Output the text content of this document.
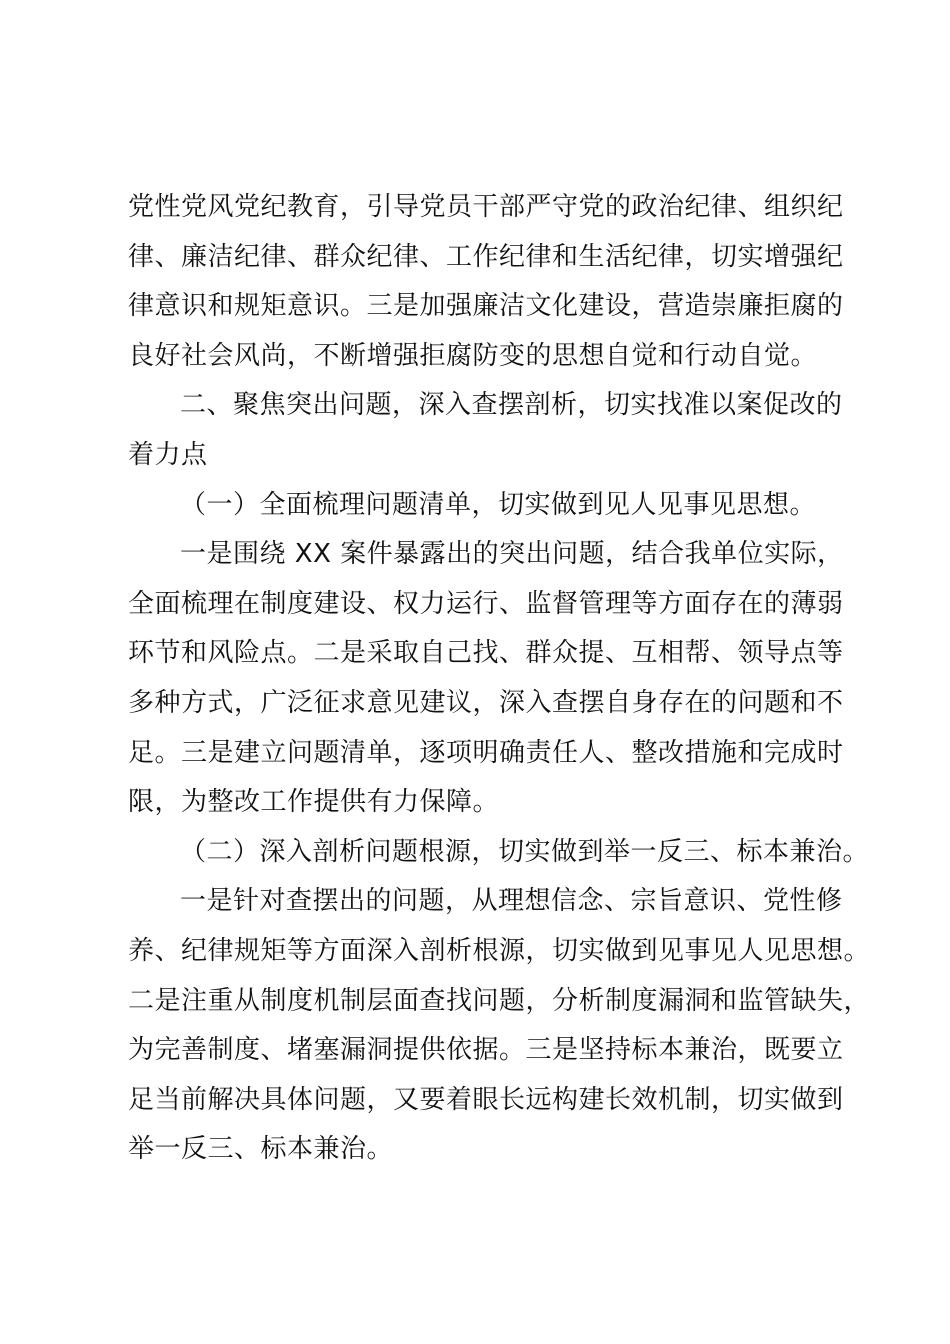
党性党风党纪教育，引导党员干部严守党的政治纪律、组织纪
律、廉洁纪律、群众纪律、工作纪律和生活纪律，切实增强纪
律意识和规矩意识。三是加强廉洁文化建设，营造崇廉拒腐的
良好社会风尚，不断增强拒腐防变的思想自觉和行动自觉。
二、聚焦突出问题，深入查摆剖析，切实找准以案促改的
着力点
（一）全面梳理问题清单，切实做到见人见事见思想。
一是围绕 XX 案件暴露出的突出问题，结合我单位实际，
全面梳理在制度建设、权力运行、监督管理等方面存在的薄弱
环节和风险点。二是采取自己找、群众提、互相帮、领导点等
多种方式，广泛征求意见建议，深入查摆自身存在的问题和不
足。三是建立问题清单，逐项明确责任人、整改措施和完成时
限，为整改工作提供有力保障。
（二）深入剖析问题根源，切实做到举一反三、标本兼治。
一是针对查摆出的问题，从理想信念、宗旨意识、党性修
养、纪律规矩等方面深入剖析根源，切实做到见事见人见思想。
二是注重从制度机制层面查找问题，分析制度漏洞和监管缺失，
为完善制度、堵塞漏洞提供依据。三是坚持标本兼治，既要立
足当前解决具体问题，又要着眼长远构建长效机制，切实做到
举一反三、标本兼治。
